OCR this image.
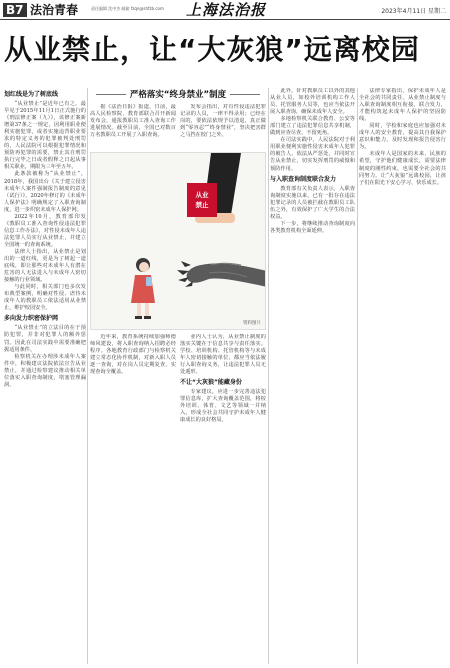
B7 法治青春	责任编辑 沈中杰 邮箱 fzqn@shfzb.com 上海法治报	2023年4月11日 星期二
从业禁止，让“大灰狼”远离校园
划红线是为了树底线

“从业禁止”是近年已有之。最早见于2015年11月1日正式施行的《刑法修正案（九）》，该修正案新增第37条之一规定，因利用职业便利实施犯罪，或者实施违背职业要求的特定义务的犯罪被判处刑罚的，人民法院可以根据犯罪情况和预防再犯罪的需要，禁止其自刑罚执行完毕之日或者假释之日起从事相关职业，期限为三年至五年。

此条款被称为“从业禁止”。2018年，我国出台《关于建立侵害未成年人案件强制报告制度的意见（试行）》，2020年修订的《未成年人保护法》明确规定了入职查询制度，进一步织密未成年人保护网。

2022年10月，教育部印发《教职员工准入查询性侵违法犯罪信息工作办法》，对性侵未成年人违法犯罪人员实行从业禁止，并建立全国统一的查询系统。

法律人士指出，从业禁止是划出的一道红线，更是为了树起一道底线，即让那些对未成年人有潜在危害的人无法进入与未成年人密切接触的行业领域。

与此同时，相关部门也多次发布典型案例，明确对性侵、虐待未成年人的教职员工依法适用从业禁止，维护校园安全。

多向发力织密保护网

“从业禁止”的立法目的在于预防犯罪，并非对犯罪人的额外惩罚。因此在司法实践中需要准确把握适用条件。

检察机关在办理涉未成年人案件中，积极建议法院依法宣告从业禁止，并通过检察建议推动相关单位落实入职查询制度，堵塞管理漏洞。

严格落实“终身禁业”制度

据《法治日报》报道，日前，最高人民检察院、教育部联合召开新闻发布会，通报教职员工准入查询工作进展情况。截至目前，全国已对数百万名教职员工开展了入职查询。

发布会指出，对有性侵违法犯罪记录的人员，一律不得录用；已经在岗的，要依法依规予以清退，真正做到“零容忍”“终身禁业”，坚决把害群之马挡在校门之外。

从业
禁止
资料图片

近年来，教育系统持续加强师德师风建设，将入职查询纳入招聘必经程序。各地教育行政部门与检察机关建立常态化协作机制，对新入职人员逐一查询，对在岗人员定期复查，实现查询全覆盖。

业内人士认为，从业禁止制度的落实关键在于信息共享与责任落实。学校、培训机构、托管机构等与未成年人密切接触的单位，都应当依法履行入职查询义务，让违法犯罪人员无处遁形。

不让“大灰狼”能藏身份

专家建议，应进一步完善违法犯罪信息库，扩大查询覆盖范围，将校外培训、体育、文艺等领域一并纳入，形成全社会共同守护未成年人健康成长的良好格局。

此外，针对教职员工以外的其他从业人员，如校外培训机构工作人员、托管服务人员等，也应当依法开展入职查询，确保未成年人安全。

多地检察机关联合教育、公安等部门建立了违法犯罪信息共享机制，做到应查尽查，不留死角。

在司法实践中，人民法院对于利用职业便利实施性侵害未成年人犯罪的被告人，依法从严惩处，并同时宣告从业禁止，切实发挥刑罚的威慑和预防作用。

与入职查询制度联合发力

教育部有关负责人表示，入职查询制度实施以来，已有一批存在违法犯罪记录的人员被拦截在教职员工队伍之外，有效保护了广大学生的合法权益。

下一步，将继续推动查询制度向各类教育机构全面延伸。

法律专家指出，保护未成年人是全社会的共同责任。从业禁止制度与入职查询制度相互衔接、联合发力，才能构筑起未成年人保护的坚固防线。

同时，学校和家庭也应加强对未成年人的安全教育，提高其自我保护意识和能力，及时发现和报告侵害行为。

未成年人是国家的未来、民族的希望，守护他们健康成长，需要法律制度的刚性约束，也需要全社会的共同努力。让“大灰狼”远离校园，让孩子们在阳光下安心学习、快乐成长。
